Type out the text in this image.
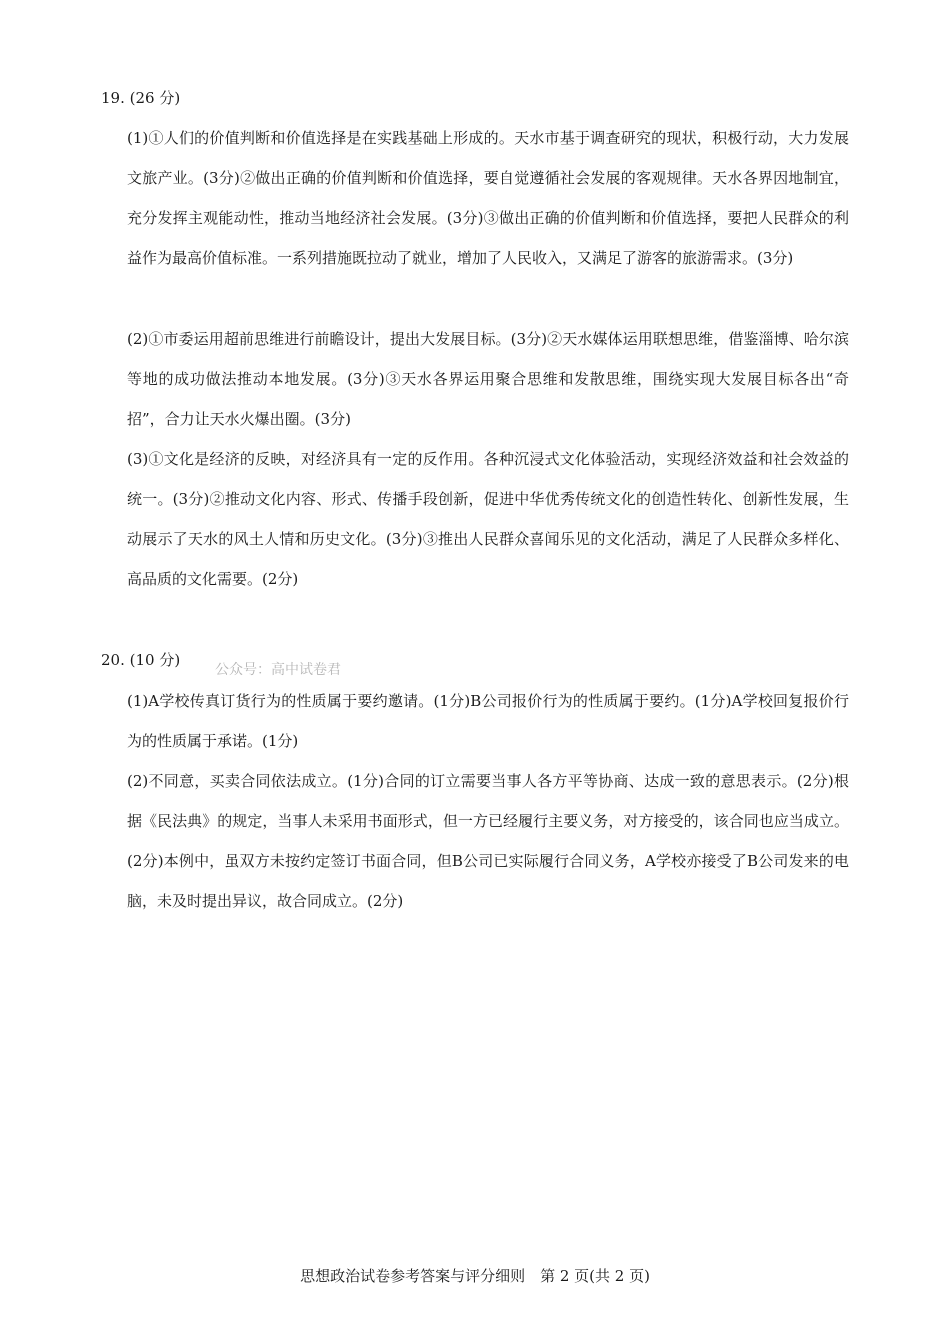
19. (26 分)
(1)①人们的价值判断和价值选择是在实践基础上形成的。天水市基于调查研究的现状，积极行动，大力发展文旅产业。(3分)②做出正确的价值判断和价值选择，要自觉遵循社会发展的客观规律。天水各界因地制宜，充分发挥主观能动性，推动当地经济社会发展。(3分)③做出正确的价值判断和价值选择，要把人民群众的利益作为最高价值标准。一系列措施既拉动了就业，增加了人民收入，又满足了游客的旅游需求。(3分)
(2)①市委运用超前思维进行前瞻设计，提出大发展目标。(3分)②天水媒体运用联想思维，借鉴淄博、哈尔滨等地的成功做法推动本地发展。(3分)③天水各界运用聚合思维和发散思维，围绕实现大发展目标各出“奇招”，合力让天水火爆出圈。(3分)
(3)①文化是经济的反映，对经济具有一定的反作用。各种沉浸式文化体验活动，实现经济效益和社会效益的统一。(3分)②推动文化内容、形式、传播手段创新，促进中华优秀传统文化的创造性转化、创新性发展，生动展示了天水的风土人情和历史文化。(3分)③推出人民群众喜闻乐见的文化活动，满足了人民群众多样化、高品质的文化需要。(2分)
20. (10 分)
公众号：高中试卷君
(1)A学校传真订货行为的性质属于要约邀请。(1分)B公司报价行为的性质属于要约。(1分)A学校回复报价行为的性质属于承诺。(1分)
(2)不同意，买卖合同依法成立。(1分)合同的订立需要当事人各方平等协商、达成一致的意思表示。(2分)根据《民法典》的规定，当事人未采用书面形式，但一方已经履行主要义务，对方接受的，该合同也应当成立。(2分)本例中，虽双方未按约定签订书面合同，但B公司已实际履行合同义务，A学校亦接受了B公司发来的电脑，未及时提出异议，故合同成立。(2分)
思想政治试卷参考答案与评分细则　第 2 页(共 2 页)
